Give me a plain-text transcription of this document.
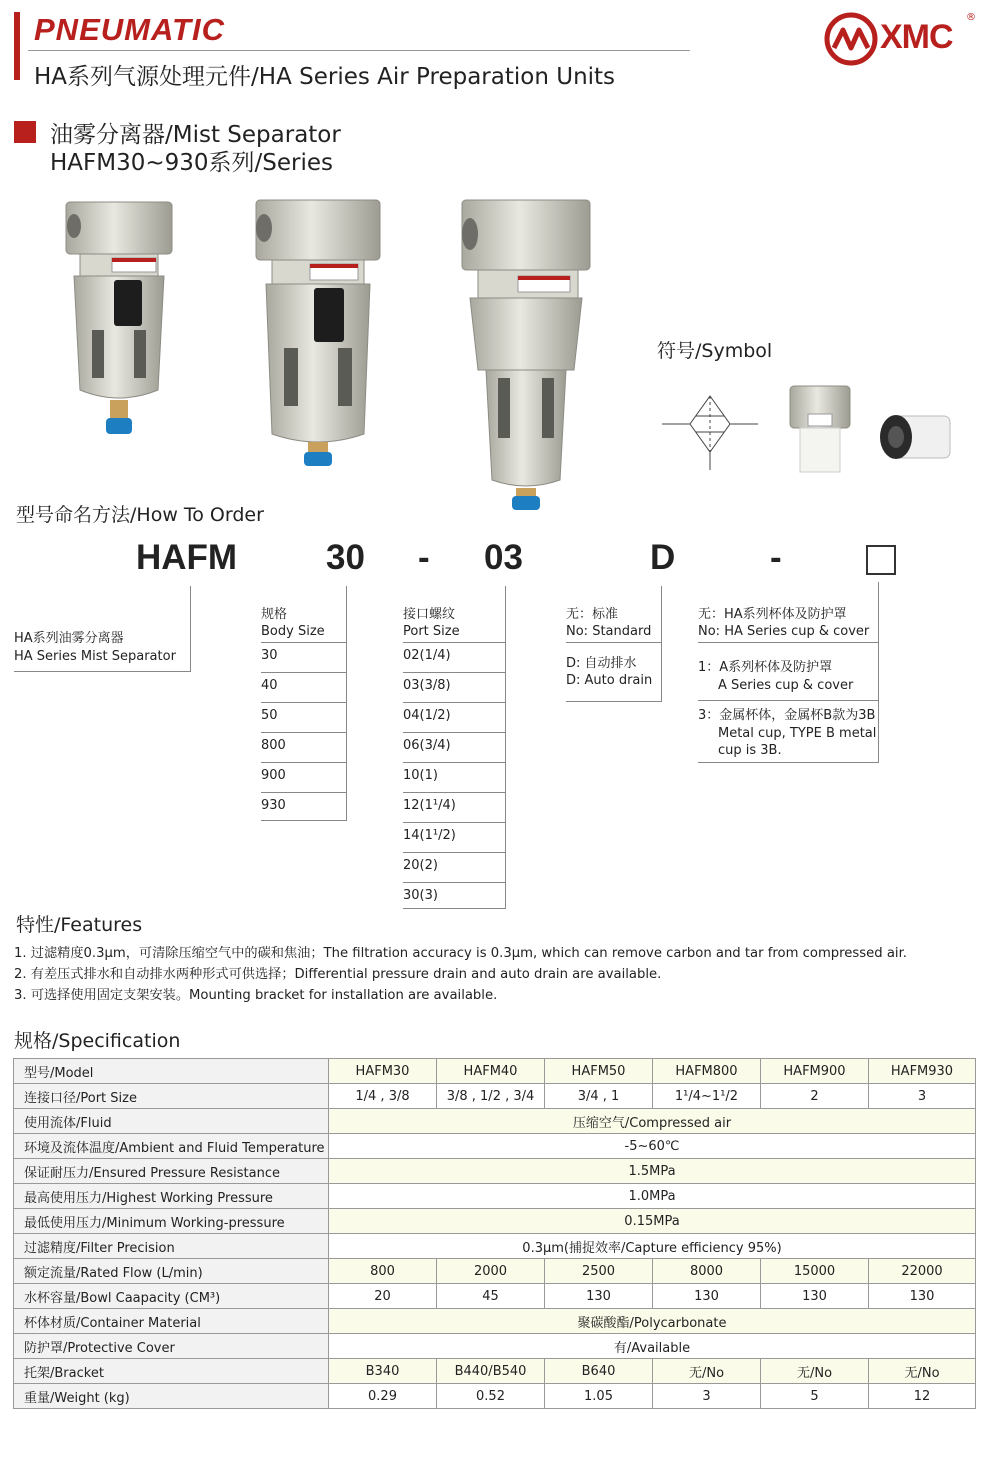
PNEUMATIC
HA系列气源处理元件/HA Series Air Preparation Units
XMC
®
油雾分离器/Mist Separator
HAFM30~930系列/Series
符号/Symbol
型号命名方法/How To Order
HAFM	30 - 03	D	-
HA系列油雾分离器
HA Series Mist Separator
规格
Body Size
30
40
50
800
900
930
接口螺纹
Port Size
02(1/4)
03(3/8)
04(1/2)
06(3/4)
10(1)
12(1¹/4)
14(1¹/2)
20(2)
30(3)
无：标准
No: Standard
D: 自动排水
D: Auto drain
无：HA系列杯体及防护罩
No: HA Series cup & cover
1：A系列杯体及防护罩
A Series cup & cover
3：金属杯体，金属杯B款为3B
Metal cup, TYPE B metal
cup is 3B.
特性/Features
1. 过滤精度0.3μm，可清除压缩空气中的碳和焦油；The filtration accuracy is 0.3μm, which can remove carbon and tar from compressed air.
2. 有差压式排水和自动排水两种形式可供选择；Differential pressure drain and auto drain are available.
3. 可选择使用固定支架安装。Mounting bracket for installation are available.
规格/Specification
型号/Model	HAFM30	HAFM40	HAFM50	HAFM800	HAFM900	HAFM930
连接口径/Port Size	1/4 , 3/8	3/8 , 1/2 , 3/4	3/4 , 1	1¹/4~1¹/2	2	3
使用流体/Fluid	压缩空气/Compressed air					
环境及流体温度/Ambient and Fluid Temperature	-5~60℃					
保证耐压力/Ensured Pressure Resistance	1.5MPa					
最高使用压力/Highest Working Pressure	1.0MPa					
最低使用压力/Minimum Working-pressure	0.15MPa					
过滤精度/Filter Precision	0.3μm(捕捉效率/Capture efficiency 95%)					
额定流量/Rated Flow (L/min)	800	2000	2500	8000	15000	22000
水杯容量/Bowl Caapacity (CM³)	20	45	130	130	130	130
杯体材质/Container Material	聚碳酸酯/Polycarbonate					
防护罩/Protective Cover	有/Available					
托架/Bracket	B340	B440/B540	B640	无/No	无/No	无/No
重量/Weight (kg)	0.29	0.52	1.05	3	5	12
